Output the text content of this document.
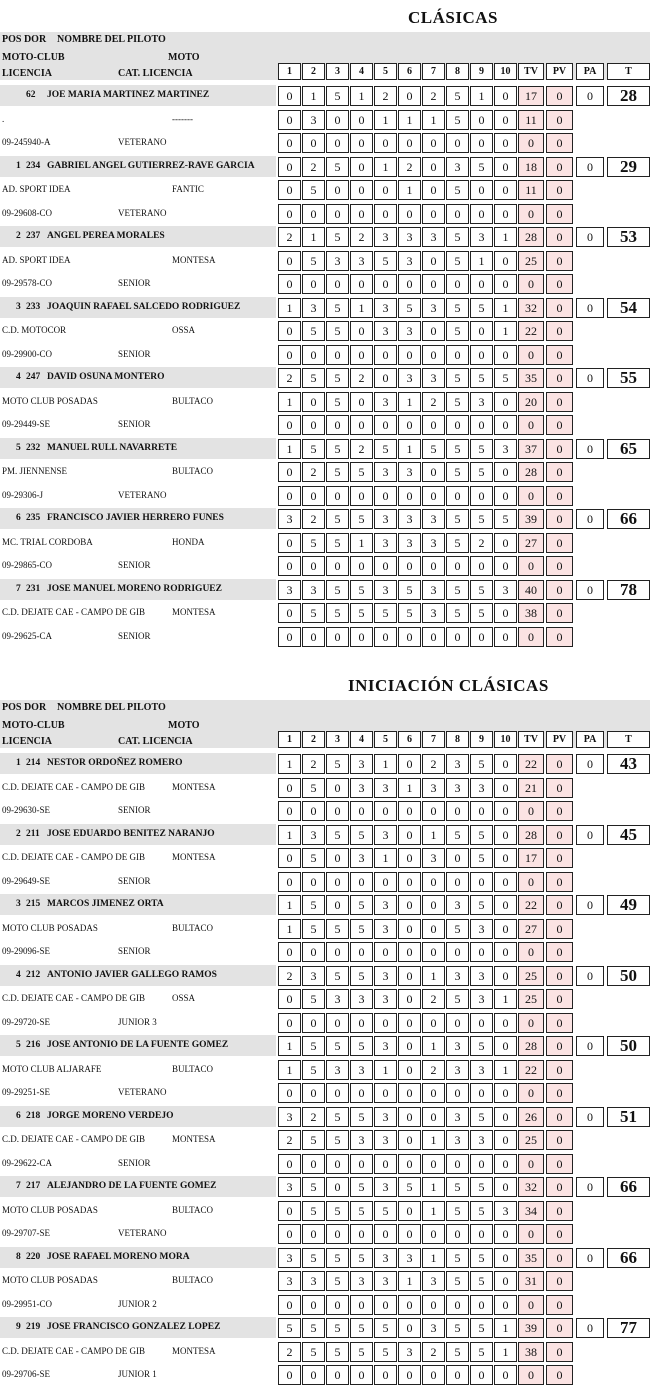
CLÁSICAS
POS DOR NOMBRE DEL PILOTO
MOTO-CLUB	MOTO
LICENCIA	CAT. LICENCIA	1	2	3	4	5	6	7	8	9	10	TV	PV	PA	T
62 JOE MARIA MARTINEZ MARTINEZ	0	1	5	1	2	0	2	5	1	0	17	0	0	28
.	-------	0	3	0	0	1	1	1	5	0	0	11	0
09-245940-A	VETERANO	0	0	0	0	0	0	0	0	0	0	0	0
1 234 GABRIEL ANGEL GUTIERREZ-RAVE GARCIA	0	2	5	0	1	2	0	3	5	0	18	0	0	29
AD. SPORT IDEA	FANTIC	0	5	0	0	0	1	0	5	0	0	11	0
09-29608-CO	VETERANO	0	0	0	0	0	0	0	0	0	0	0	0
2 237 ANGEL PEREA MORALES	2	1	5	2	3	3	3	5	3	1	28	0	0	53
AD. SPORT IDEA	MONTESA	0	5	3	3	5	3	0	5	1	0	25	0
09-29578-CO	SENIOR	0	0	0	0	0	0	0	0	0	0	0	0
3 233 JOAQUIN RAFAEL SALCEDO RODRIGUEZ	1	3	5	1	3	5	3	5	5	1	32	0	0	54
C.D. MOTOCOR	OSSA	0	5	5	0	3	3	0	5	0	1	22	0
09-29900-CO	SENIOR	0	0	0	0	0	0	0	0	0	0	0	0
4 247 DAVID OSUNA MONTERO	2	5	5	2	0	3	3	5	5	5	35	0	0	55
MOTO CLUB POSADAS	BULTACO	1	0	5	0	3	1	2	5	3	0	20	0
09-29449-SE	SENIOR	0	0	0	0	0	0	0	0	0	0	0	0
5 232 MANUEL RULL NAVARRETE	1	5	5	2	5	1	5	5	5	3	37	0	0	65
PM. JIENNENSE	BULTACO	0	2	5	5	3	3	0	5	5	0	28	0
09-29306-J	VETERANO	0	0	0	0	0	0	0	0	0	0	0	0
6 235 FRANCISCO JAVIER HERRERO FUNES	3	2	5	5	3	3	3	5	5	5	39	0	0	66
MC. TRIAL CORDOBA	HONDA	0	5	5	1	3	3	3	5	2	0	27	0
09-29865-CO	SENIOR	0	0	0	0	0	0	0	0	0	0	0	0
7 231 JOSE MANUEL MORENO RODRIGUEZ	3	3	5	5	3	5	3	5	5	3	40	0	0	78
C.D. DEJATE CAE - CAMPO DE GIB	MONTESA	0	5	5	5	5	5	3	5	5	0	38	0
09-29625-CA	SENIOR	0	0	0	0	0	0	0	0	0	0	0	0
INICIACIÓN CLÁSICAS
POS DOR NOMBRE DEL PILOTO
MOTO-CLUB	MOTO
LICENCIA	CAT. LICENCIA	1	2	3	4	5	6	7	8	9	10	TV	PV	PA	T
1 214 NESTOR ORDOÑEZ ROMERO	1	2	5	3	1	0	2	3	5	0	22	0	0	43
C.D. DEJATE CAE - CAMPO DE GIB	MONTESA	0	5	0	3	3	1	3	3	3	0	21	0
09-29630-SE	SENIOR	0	0	0	0	0	0	0	0	0	0	0	0
2 211 JOSE EDUARDO BENITEZ NARANJO	1	3	5	5	3	0	1	5	5	0	28	0	0	45
C.D. DEJATE CAE - CAMPO DE GIB	MONTESA	0	5	0	3	1	0	3	0	5	0	17	0
09-29649-SE	SENIOR	0	0	0	0	0	0	0	0	0	0	0	0
3 215 MARCOS JIMENEZ ORTA	1	5	0	5	3	0	0	3	5	0	22	0	0	49
MOTO CLUB POSADAS	BULTACO	1	5	5	5	3	0	0	5	3	0	27	0
09-29096-SE	SENIOR	0	0	0	0	0	0	0	0	0	0	0	0
4 212 ANTONIO JAVIER GALLEGO RAMOS	2	3	5	5	3	0	1	3	3	0	25	0	0	50
C.D. DEJATE CAE - CAMPO DE GIB	OSSA	0	5	3	3	3	0	2	5	3	1	25	0
09-29720-SE	JUNIOR 3	0	0	0	0	0	0	0	0	0	0	0	0
5 216 JOSE ANTONIO DE LA FUENTE GOMEZ	1	5	5	5	3	0	1	3	5	0	28	0	0	50
MOTO CLUB ALJARAFE	BULTACO	1	5	3	3	1	0	2	3	3	1	22	0
09-29251-SE	VETERANO	0	0	0	0	0	0	0	0	0	0	0	0
6 218 JORGE MORENO VERDEJO	3	2	5	5	3	0	0	3	5	0	26	0	0	51
C.D. DEJATE CAE - CAMPO DE GIB	MONTESA	2	5	5	3	3	0	1	3	3	0	25	0
09-29622-CA	SENIOR	0	0	0	0	0	0	0	0	0	0	0	0
7 217 ALEJANDRO DE LA FUENTE GOMEZ	3	5	0	5	3	5	1	5	5	0	32	0	0	66
MOTO CLUB POSADAS	BULTACO	0	5	5	5	5	0	1	5	5	3	34	0
09-29707-SE	VETERANO	0	0	0	0	0	0	0	0	0	0	0	0
8 220 JOSE RAFAEL MORENO MORA	3	5	5	5	3	3	1	5	5	0	35	0	0	66
MOTO CLUB POSADAS	BULTACO	3	3	5	3	3	1	3	5	5	0	31	0
09-29951-CO	JUNIOR 2	0	0	0	0	0	0	0	0	0	0	0	0
9 219 JOSE FRANCISCO GONZALEZ LOPEZ	5	5	5	5	5	0	3	5	5	1	39	0	0	77
C.D. DEJATE CAE - CAMPO DE GIB	MONTESA	2	5	5	5	5	3	2	5	5	1	38	0
09-29706-SE	JUNIOR 1	0	0	0	0	0	0	0	0	0	0	0	0
